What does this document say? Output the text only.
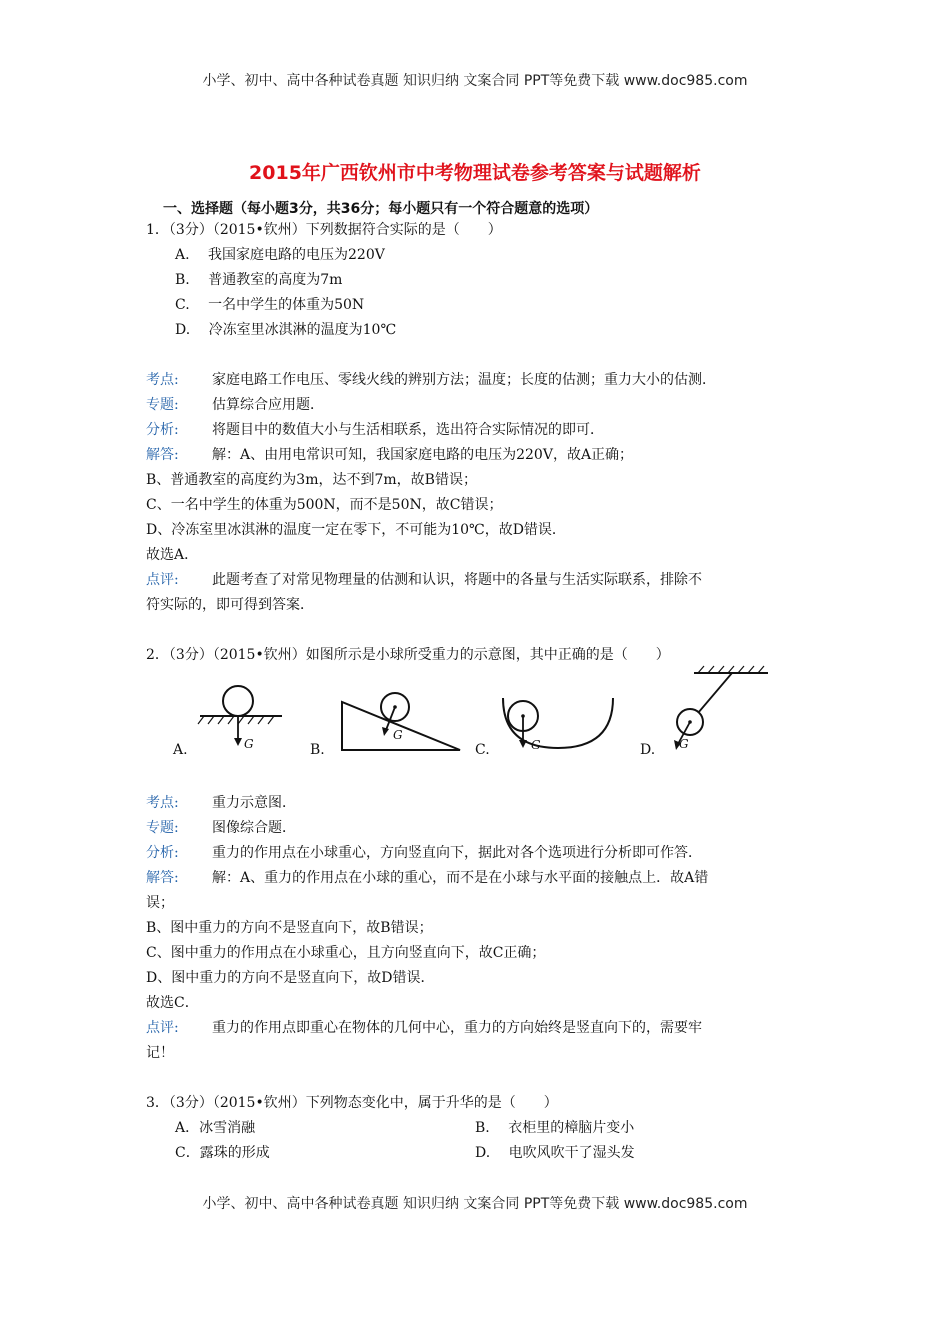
小学、初中、高中各种试卷真题 知识归纳 文案合同 PPT等免费下载 www.doc985.com
2015年广西钦州市中考物理试卷参考答案与试题解析
一、选择题（每小题3分，共36分；每小题只有一个符合题意的选项）
1．（3分）（2015•钦州）下列数据符合实际的是（　　）
A.　 我国家庭电路的电压为220V
B.　 普通教室的高度为7m
C.　 一名中学生的体重为50N
D.　 冷冻室里冰淇淋的温度为10℃
考点: 家庭电路工作电压、零线火线的辨别方法；温度；长度的估测；重力大小的估测．
专题: 估算综合应用题．
分析: 将题目中的数值大小与生活相联系，选出符合实际情况的即可．
解答: 解：A、由用电常识可知，我国家庭电路的电压为220V，故A正确；
B、普通教室的高度约为3m，达不到7m，故B错误；
C、一名中学生的体重为500N，而不是50N，故C错误；
D、冷冻室里冰淇淋的温度一定在零下，不可能为10℃，故D错误．
故选A．
点评: 此题考查了对常见物理量的估测和认识，将题中的各量与生活实际联系，排除不
符实际的，即可得到答案．
2．（3分）（2015•钦州）如图所示是小球所受重力的示意图，其中正确的是（　　）
A.	G	B.
G
C.	G	D. G
考点: 重力示意图．
专题: 图像综合题．
分析: 重力的作用点在小球重心，方向竖直向下，据此对各个选项进行分析即可作答．
解答: 解：A、重力的作用点在小球的重心，而不是在小球与水平面的接触点上．故A错
误；
B、图中重力的方向不是竖直向下，故B错误；
C、图中重力的作用点在小球重心，且方向竖直向下，故C正确；
D、图中重力的方向不是竖直向下，故D错误．
故选C．
点评: 重力的作用点即重心在物体的几何中心，重力的方向始终是竖直向下的，需要牢
记！
3．（3分）（2015•钦州）下列物态变化中，属于升华的是（　　）
A．冰雪消融	B.　 衣柜里的樟脑片变小
C．露珠的形成	D.　 电吹风吹干了湿头发
小学、初中、高中各种试卷真题 知识归纳 文案合同 PPT等免费下载 www.doc985.com
